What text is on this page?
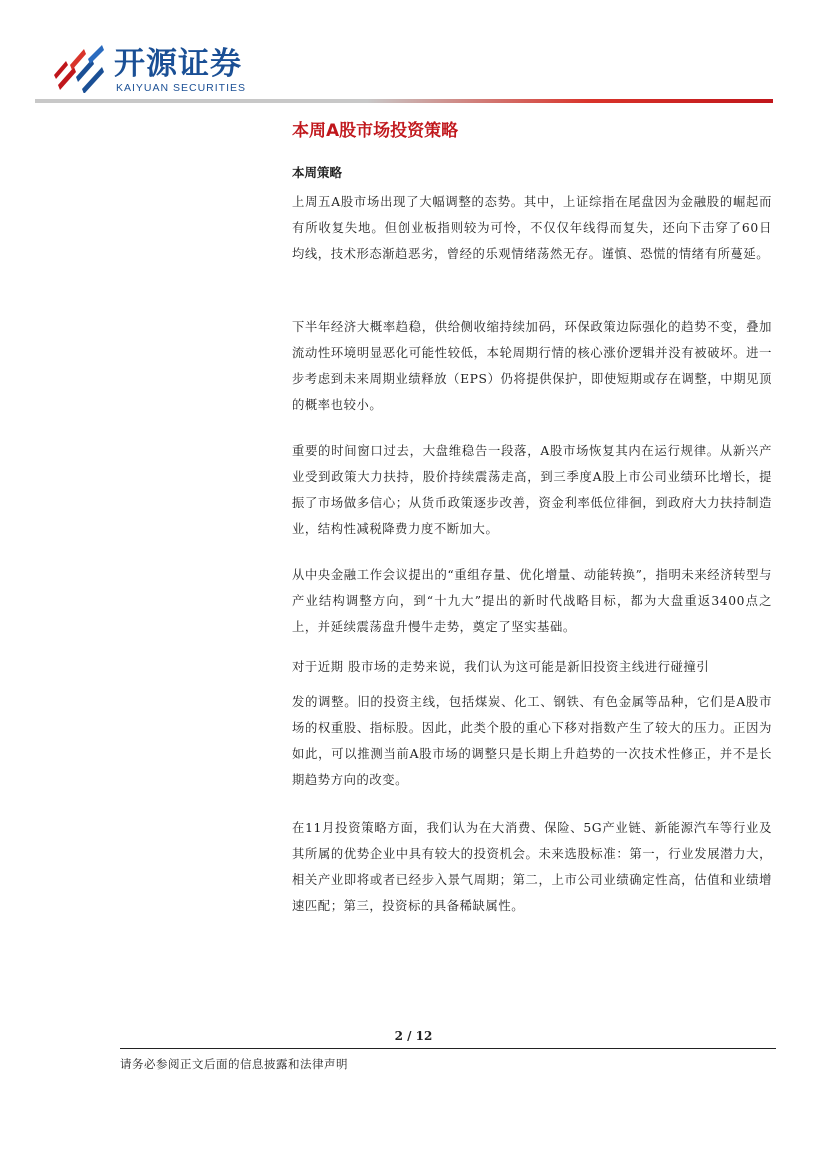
开源证券
KAIYUAN SECURITIES
本周A股市场投资策略
本周策略

上周五A股市场出现了大幅调整的态势。其中，上证综指在尾盘因为金融股的崛起而有所收复失地。但创业板指则较为可怜，不仅仅年线得而复失，还向下击穿了60日均线，技术形态渐趋恶劣，曾经的乐观情绪荡然无存。谨慎、恐慌的情绪有所蔓延。

下半年经济大概率趋稳，供给侧收缩持续加码，环保政策边际强化的趋势不变，叠加流动性环境明显恶化可能性较低，本轮周期行情的核心涨价逻辑并没有被破坏。进一步考虑到未来周期业绩释放（EPS）仍将提供保护，即使短期或存在调整，中期见顶的概率也较小。

重要的时间窗口过去，大盘维稳告一段落，A股市场恢复其内在运行规律。从新兴产业受到政策大力扶持，股价持续震荡走高，到三季度A股上市公司业绩环比增长，提振了市场做多信心；从货币政策逐步改善，资金利率低位徘徊，到政府大力扶持制造业，结构性减税降费力度不断加大。

从中央金融工作会议提出的“重组存量、优化增量、动能转换”，指明未来经济转型与产业结构调整方向，到“十九大”提出的新时代战略目标，都为大盘重返3400点之上，并延续震荡盘升慢牛走势，奠定了坚实基础。

对于近期 股市场的走势来说，我们认为这可能是新旧投资主线进行碰撞引

发的调整。旧的投资主线，包括煤炭、化工、钢铁、有色金属等品种，它们是A股市场的权重股、指标股。因此，此类个股的重心下移对指数产生了较大的压力。正因为如此，可以推测当前A股市场的调整只是长期上升趋势的一次技术性修正，并不是长期趋势方向的改变。

在11月投资策略方面，我们认为在大消费、保险、5G产业链、新能源汽车等行业及其所属的优势企业中具有较大的投资机会。未来选股标准：第一，行业发展潜力大，相关产业即将或者已经步入景气周期；第二，上市公司业绩确定性高，估值和业绩增速匹配；第三，投资标的具备稀缺属性。

2 / 12
请务必参阅正文后面的信息披露和法律声明
